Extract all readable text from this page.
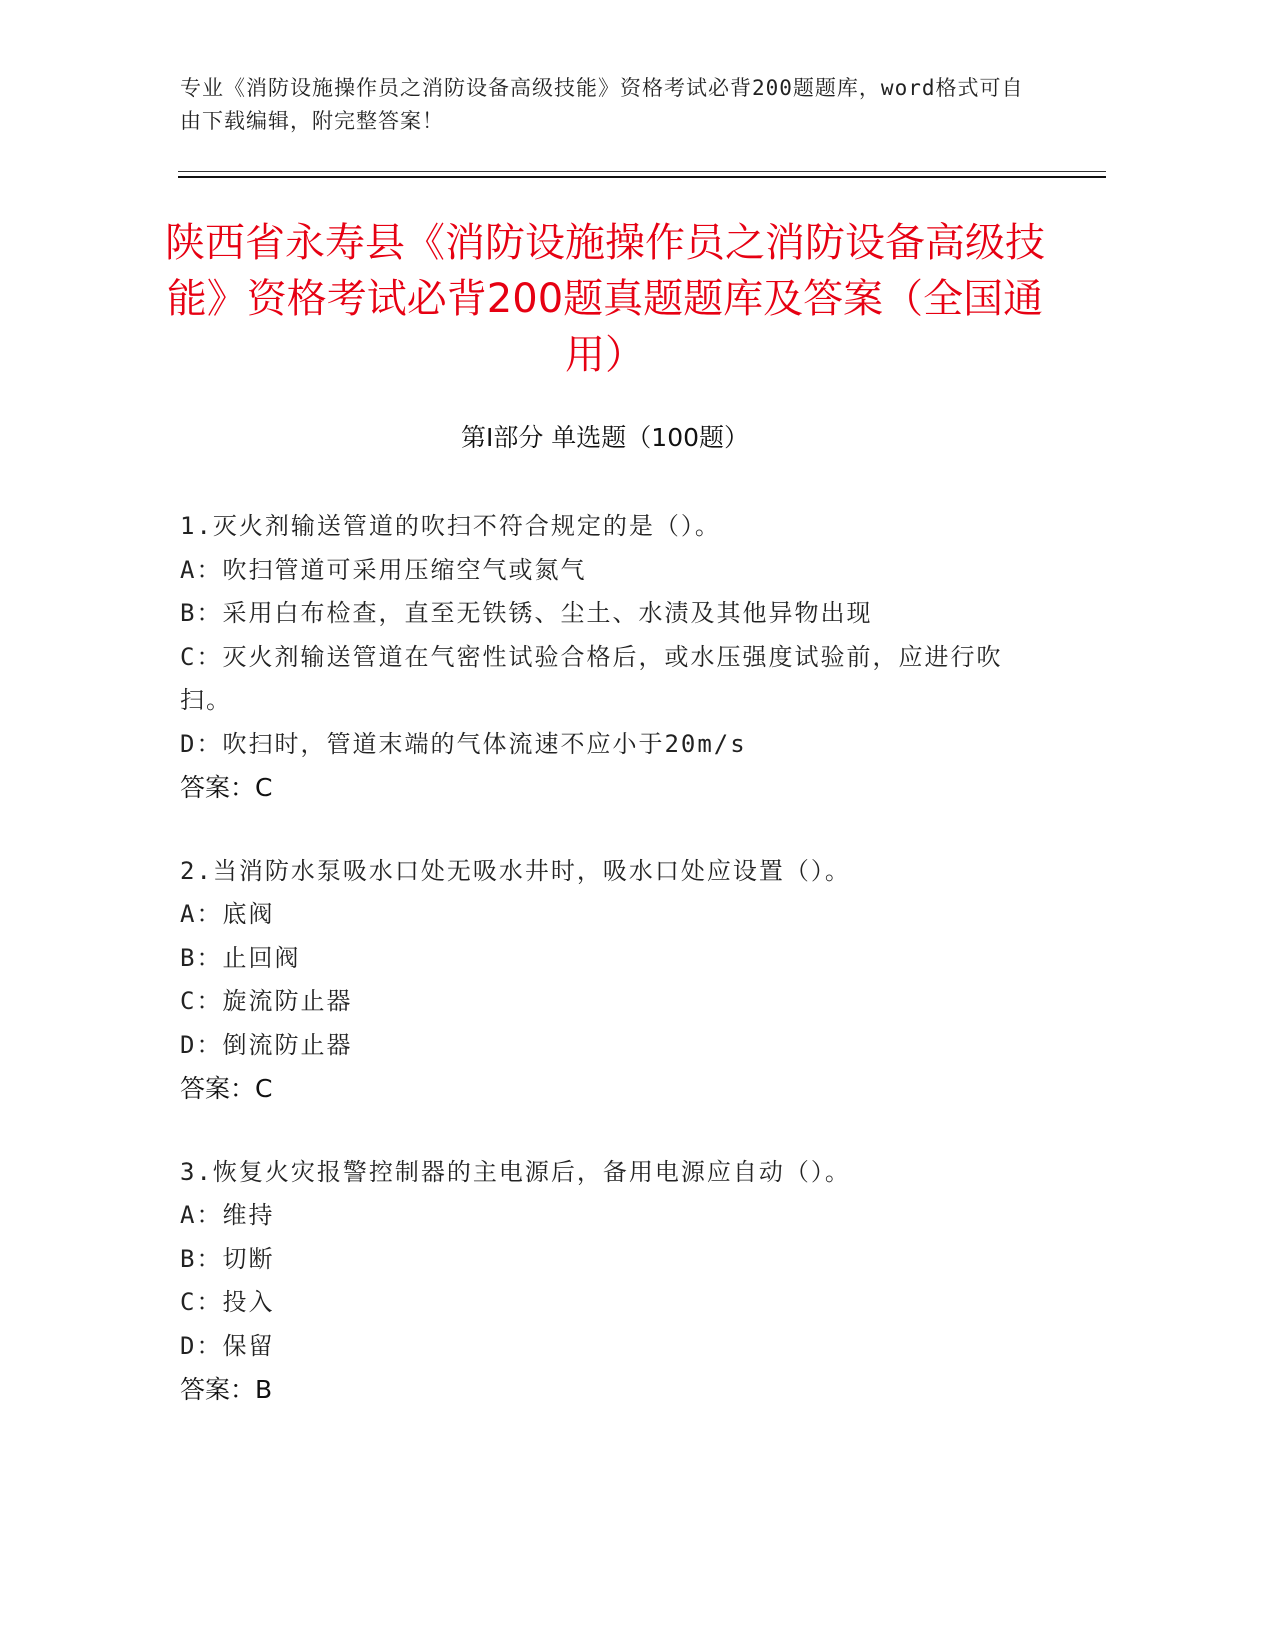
专业《消防设施操作员之消防设备高级技能》资格考试必背200题题库，word格式可自由下载编辑，附完整答案！
陕西省永寿县《消防设施操作员之消防设备高级技能》资格考试必背200题真题题库及答案（全国通用）
第I部分 单选题（100题）
1.灭火剂输送管道的吹扫不符合规定的是（）。
A：吹扫管道可采用压缩空气或氮气
B：采用白布检查，直至无铁锈、尘土、水渍及其他异物出现
C：灭火剂输送管道在气密性试验合格后，或水压强度试验前，应进行吹扫。
D：吹扫时，管道末端的气体流速不应小于20m/s
答案：C
2.当消防水泵吸水口处无吸水井时，吸水口处应设置（）。
A：底阀
B：止回阀
C：旋流防止器
D：倒流防止器
答案：C
3.恢复火灾报警控制器的主电源后，备用电源应自动（）。
A：维持
B：切断
C：投入
D：保留
答案：B
